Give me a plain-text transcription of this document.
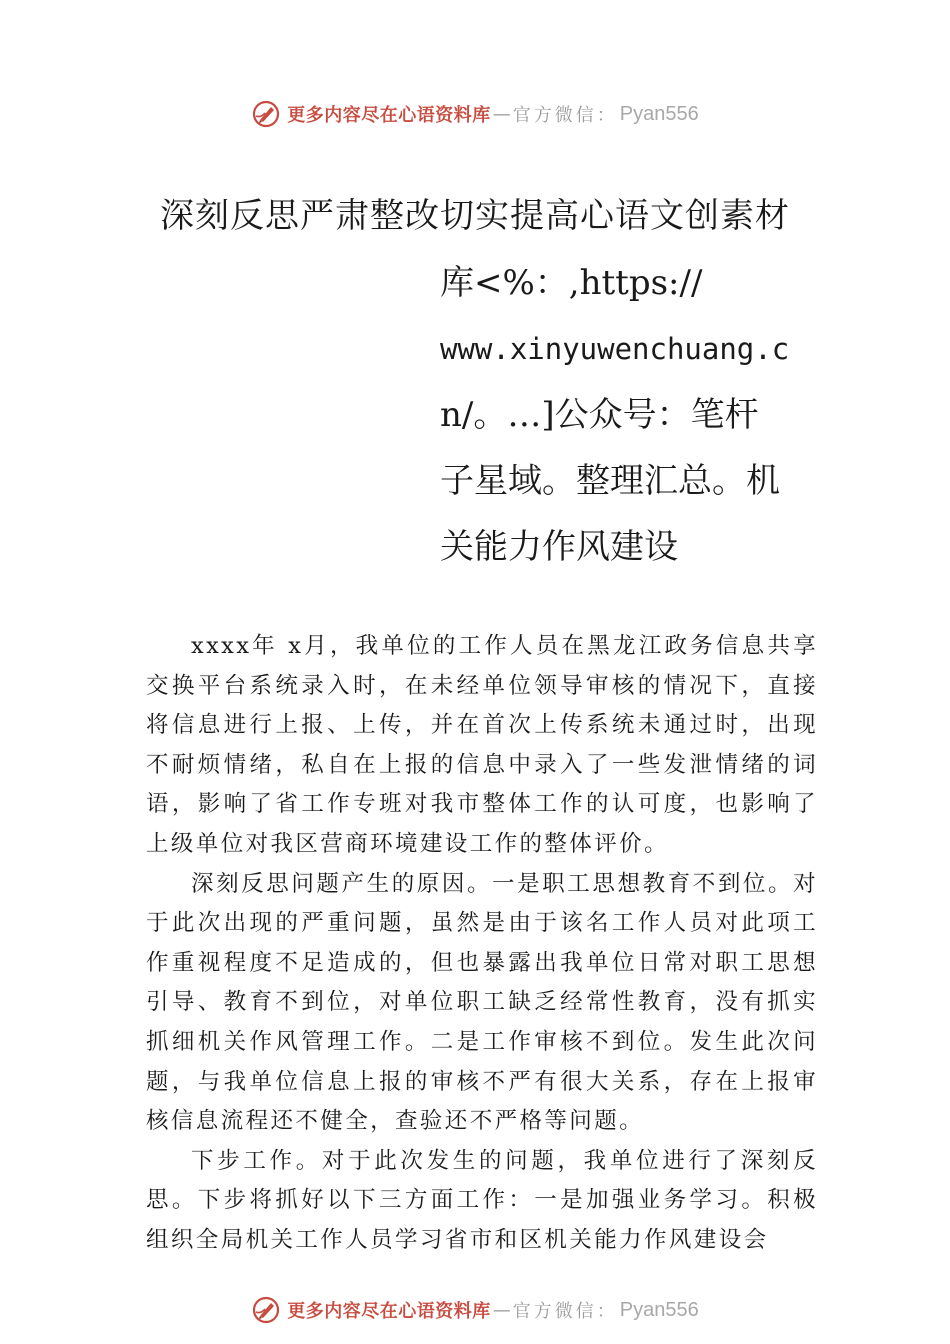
更多内容尽在心语资料库 — 官方微信： Pyan556
深刻反思严肃整改切实提高心语文创素材
库<%：,https://
www.xinyuwenchuang.c
n/。…]公众号：笔杆
子星域。整理汇总。机
关能力作风建设

xxxx年 x月，我单位的工作人员在黑龙江政务信息共享交换平台系统录入时，在未经单位领导审核的情况下，直接将信息进行上报、上传，并在首次上传系统未通过时，出现不耐烦情绪，私自在上报的信息中录入了一些发泄情绪的词语，影响了省工作专班对我市整体工作的认可度，也影响了上级单位对我区营商环境建设工作的整体评价。

深刻反思问题产生的原因。一是职工思想教育不到位。对于此次出现的严重问题，虽然是由于该名工作人员对此项工作重视程度不足造成的，但也暴露出我单位日常对职工思想引导、教育不到位，对单位职工缺乏经常性教育，没有抓实抓细机关作风管理工作。二是工作审核不到位。发生此次问题，与我单位信息上报的审核不严有很大关系，存在上报审核信息流程还不健全，查验还不严格等问题。

下步工作。对于此次发生的问题，我单位进行了深刻反思。下步将抓好以下三方面工作：一是加强业务学习。积极组织全局机关工作人员学习省市和区机关能力作风建设会

更多内容尽在心语资料库 — 官方微信： Pyan556
